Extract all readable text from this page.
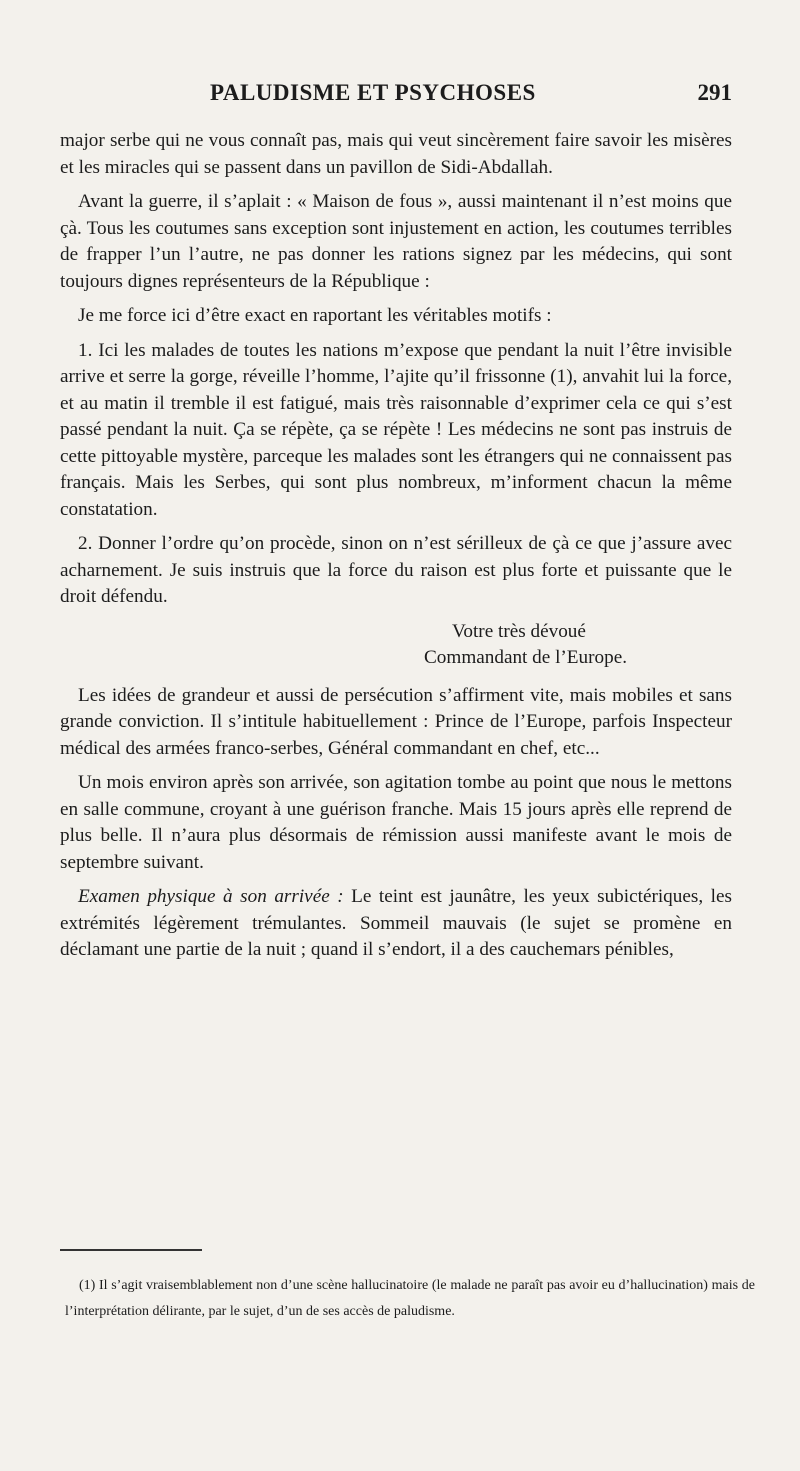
PALUDISME ET PSYCHOSES	291

major serbe qui ne vous connaît pas, mais qui veut sincèrement faire savoir les misères et les miracles qui se passent dans un pavillon de Sidi-Abdallah.

Avant la guerre, il s’aplait : « Maison de fous », aussi maintenant il n’est moins que çà. Tous les coutumes sans exception sont injustement en action, les coutumes terribles de frapper l’un l’autre, ne pas donner les rations signez par les médecins, qui sont toujours dignes représenteurs de la République :

Je me force ici d’être exact en raportant les véritables motifs :

1. Ici les malades de toutes les nations m’expose que pendant la nuit l’être invisible arrive et serre la gorge, réveille l’homme, l’ajite qu’il frissonne (1), anvahit lui la force, et au matin il tremble il est fatigué, mais très raisonnable d’exprimer cela ce qui s’est passé pendant la nuit. Ça se répète, ça se répète ! Les médecins ne sont pas instruis de cette pittoyable mystère, parceque les malades sont les étrangers qui ne connaissent pas français. Mais les Serbes, qui sont plus nombreux, m’informent chacun la même constatation.

2. Donner l’ordre qu’on procède, sinon on n’est sérilleux de çà ce que j’assure avec acharnement. Je suis instruis que la force du raison est plus forte et puissante que le droit défendu.

Votre très dévoué
Commandant de l’Europe.

Les idées de grandeur et aussi de persécution s’affirment vite, mais mobiles et sans grande conviction. Il s’intitule habituellement : Prince de l’Europe, parfois Inspecteur médical des armées franco-serbes, Général commandant en chef, etc...

Un mois environ après son arrivée, son agitation tombe au point que nous le mettons en salle commune, croyant à une guérison franche. Mais 15 jours après elle reprend de plus belle. Il n’aura plus désormais de rémission aussi manifeste avant le mois de septembre suivant.

Examen physique à son arrivée : Le teint est jaunâtre, les yeux subictériques, les extrémités légèrement trémulantes. Sommeil mauvais (le sujet se promène en déclamant une partie de la nuit ; quand il s’endort, il a des cauchemars pénibles,

(1) Il s’agit vraisemblablement non d’une scène hallucinatoire (le malade ne paraît pas avoir eu d’hallucination) mais de l’interprétation délirante, par le sujet, d’un de ses accès de paludisme.
